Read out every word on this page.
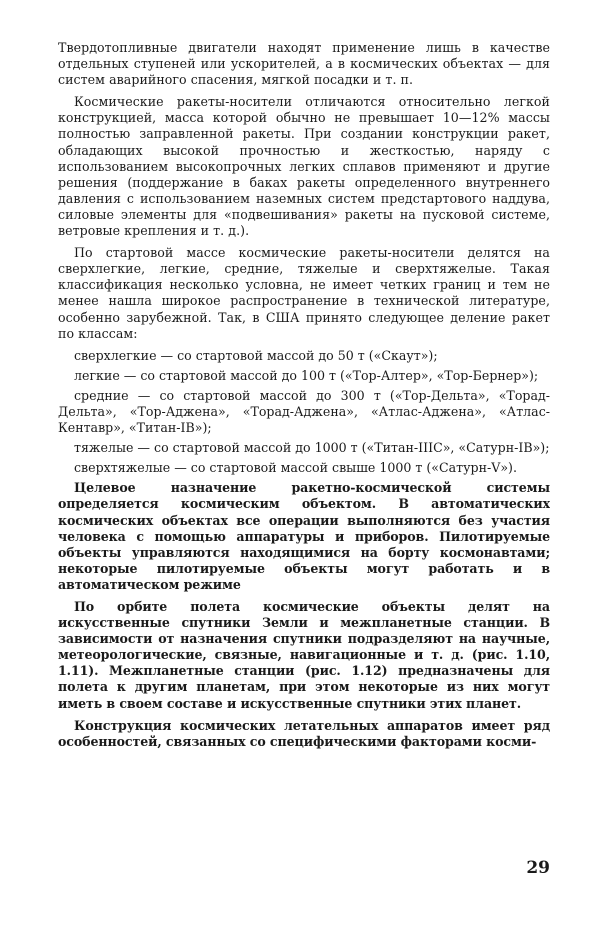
Твердотопливные двигатели находят применение лишь в качестве отдельных ступеней или ускорителей, а в космических объектах — для систем аварийного спасения, мягкой посадки и т. п.

Космические ракеты-носители отличаются относительно легкой конструкцией, масса которой обычно не превышает 10—12% массы полностью заправленной ракеты. При создании конструкции ракет, обладающих высокой прочностью и жесткостью, наряду с использованием высокопрочных легких сплавов применяют и другие решения (поддержание в баках ракеты определенного внутреннего давления с использованием наземных систем предстартового наддува, силовые элементы для «подвешивания» ракеты на пусковой системе, ветровые крепления и т. д.).

По стартовой массе космические ракеты-носители делятся на сверхлегкие, легкие, средние, тяжелые и сверхтяжелые. Такая классификация несколько условна, не имеет четких границ и тем не менее нашла широкое распространение в технической литературе, особенно зарубежной. Так, в США принято следующее деление ракет по классам:

сверхлегкие — со стартовой массой до 50 т («Скаут»);

легкие — со стартовой массой до 100 т («Тор-Алтер», «Тор-Бернер»);

средние — со стартовой массой до 300 т («Тор-Дельта», «Торад-Дельта», «Тор-Аджена», «Торад-Аджена», «Атлас-Аджена», «Атлас-Кентавр», «Титан-IВ»);

тяжелые — со стартовой массой до 1000 т («Титан-IIIС», «Сатурн-IВ»);

сверхтяжелые — со стартовой массой свыше 1000 т («Сатурн-V»).

Целевое назначение ракетно-космической системы определяется космическим объектом. В автоматических космических объектах все операции выполняются без участия человека с помощью аппаратуры и приборов. Пилотируемые объекты управляются находящимися на борту космонавтами; некоторые пилотируемые объекты могут работать и в автоматическом режиме

По орбите полета космические объекты делят на искусственные спутники Земли и межпланетные станции. В зависимости от назначения спутники подразделяют на научные, метеорологические, связные, навигационные и т. д. (рис. 1.10, 1.11). Межпланетные станции (рис. 1.12) предназначены для полета к другим планетам, при этом некоторые из них могут иметь в своем составе и искусственные спутники этих планет.

Конструкция космических летательных аппаратов имеет ряд особенностей, связанных со специфическими факторами косми-

29
